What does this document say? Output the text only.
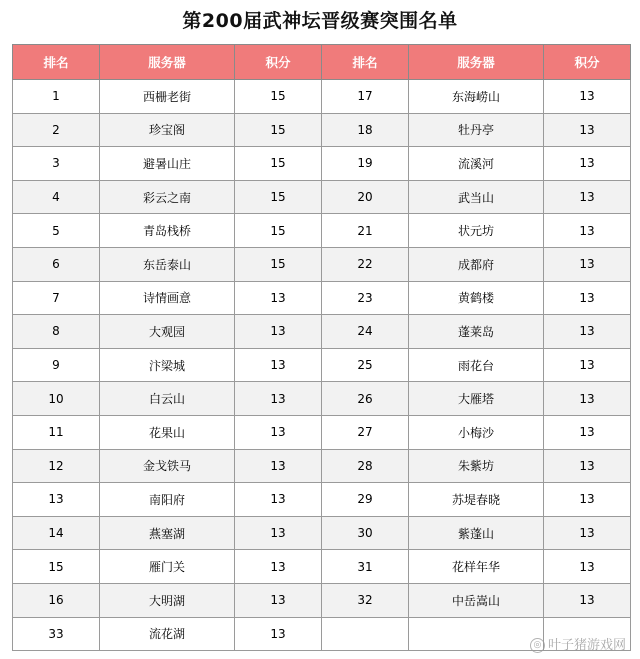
第200届武神坛晋级赛突围名单
排名	服务器	积分	排名	服务器	积分
1	西栅老街	15	17	东海崂山	13
2	珍宝阁	15	18	牡丹亭	13
3	避暑山庄	15	19	流溪河	13
4	彩云之南	15	20	武当山	13
5	青岛栈桥	15	21	状元坊	13
6	东岳泰山	15	22	成都府	13
7	诗情画意	13	23	黄鹤楼	13
8	大观园	13	24	蓬莱岛	13
9	汴梁城	13	25	雨花台	13
10	白云山	13	26	大雁塔	13
11	花果山	13	27	小梅沙	13
12	金戈铁马	13	28	朱紫坊	13
13	南阳府	13	29	苏堤春晓	13
14	燕塞湖	13	30	紫蓬山	13
15	雁门关	13	31	花样年华	13
16	大明湖	13	32	中岳嵩山	13
33	流花湖	13			
◎ 叶子猪游戏网
